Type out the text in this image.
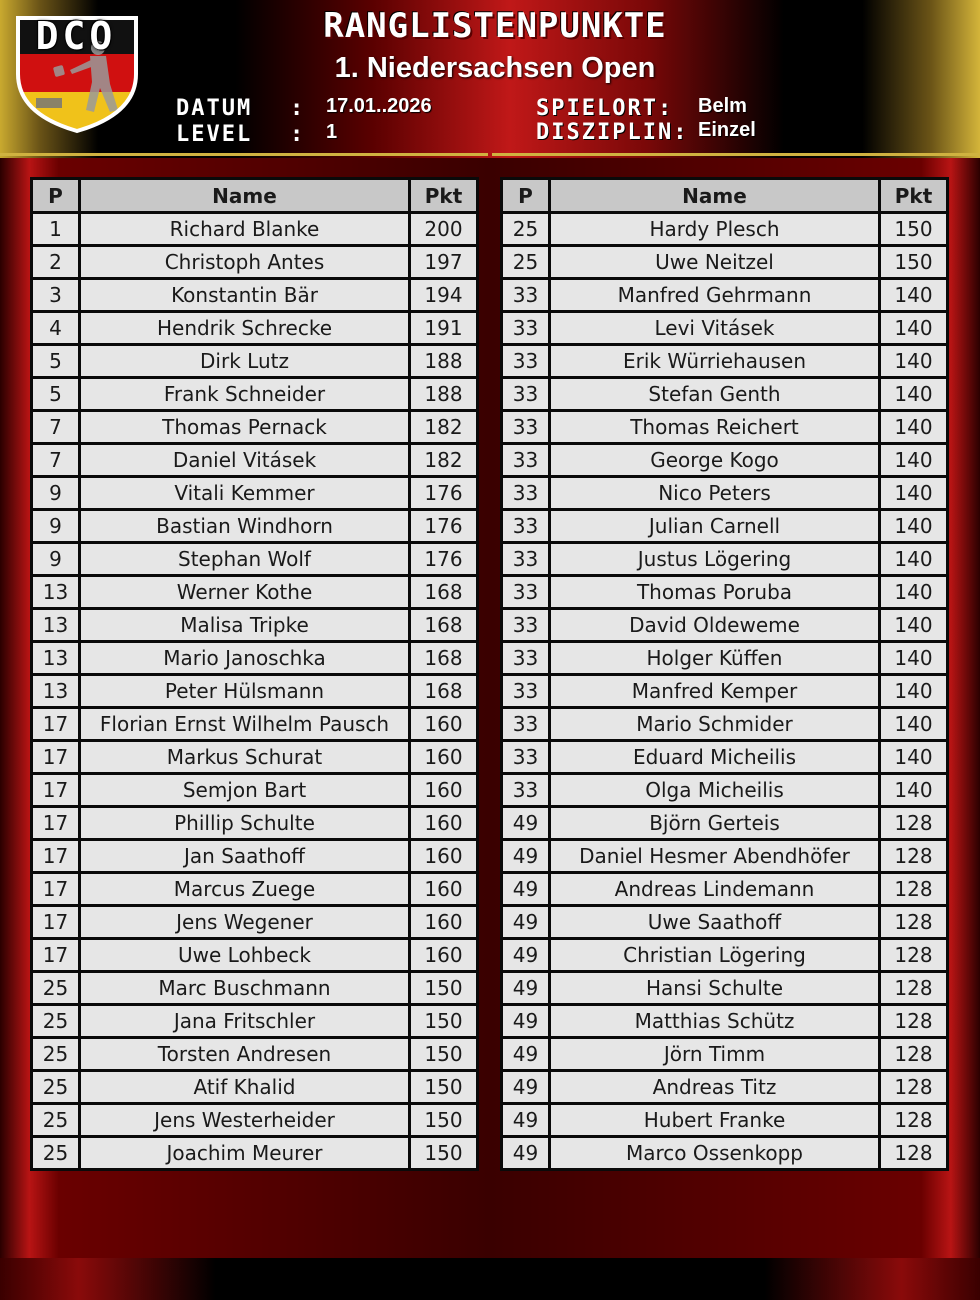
DCO	RANGLISTENPUNKTE
1. Niedersachsen Open
DATUM : 17.01..2026
LEVEL : 1
SPIELORT: Belm
DISZIPLIN: Einzel
P	Name	Pkt
1	Richard Blanke	200
2	Christoph Antes	197
3	Konstantin Bär	194
4	Hendrik Schrecke	191
5	Dirk Lutz	188
5	Frank Schneider	188
7	Thomas Pernack	182
7	Daniel Vitásek	182
9	Vitali Kemmer	176
9	Bastian Windhorn	176
9	Stephan Wolf	176
13	Werner Kothe	168
13	Malisa Tripke	168
13	Mario Janoschka	168
13	Peter Hülsmann	168
17	Florian Ernst Wilhelm Pausch	160
17	Markus Schurat	160
17	Semjon Bart	160
17	Phillip Schulte	160
17	Jan Saathoff	160
17	Marcus Zuege	160
17	Jens Wegener	160
17	Uwe Lohbeck	160
25	Marc Buschmann	150
25	Jana Fritschler	150
25	Torsten Andresen	150
25	Atif Khalid	150
25	Jens Westerheider	150
25	Joachim Meurer	150
P	Name	Pkt
25	Hardy Plesch	150
25	Uwe Neitzel	150
33	Manfred Gehrmann	140
33	Levi Vitásek	140
33	Erik Würriehausen	140
33	Stefan Genth	140
33	Thomas Reichert	140
33	George Kogo	140
33	Nico Peters	140
33	Julian Carnell	140
33	Justus Lögering	140
33	Thomas Poruba	140
33	David Oldeweme	140
33	Holger Küffen	140
33	Manfred Kemper	140
33	Mario Schmider	140
33	Eduard Micheilis	140
33	Olga Micheilis	140
49	Björn Gerteis	128
49	Daniel Hesmer Abendhöfer	128
49	Andreas Lindemann	128
49	Uwe Saathoff	128
49	Christian Lögering	128
49	Hansi Schulte	128
49	Matthias Schütz	128
49	Jörn Timm	128
49	Andreas Titz	128
49	Hubert Franke	128
49	Marco Ossenkopp	128
